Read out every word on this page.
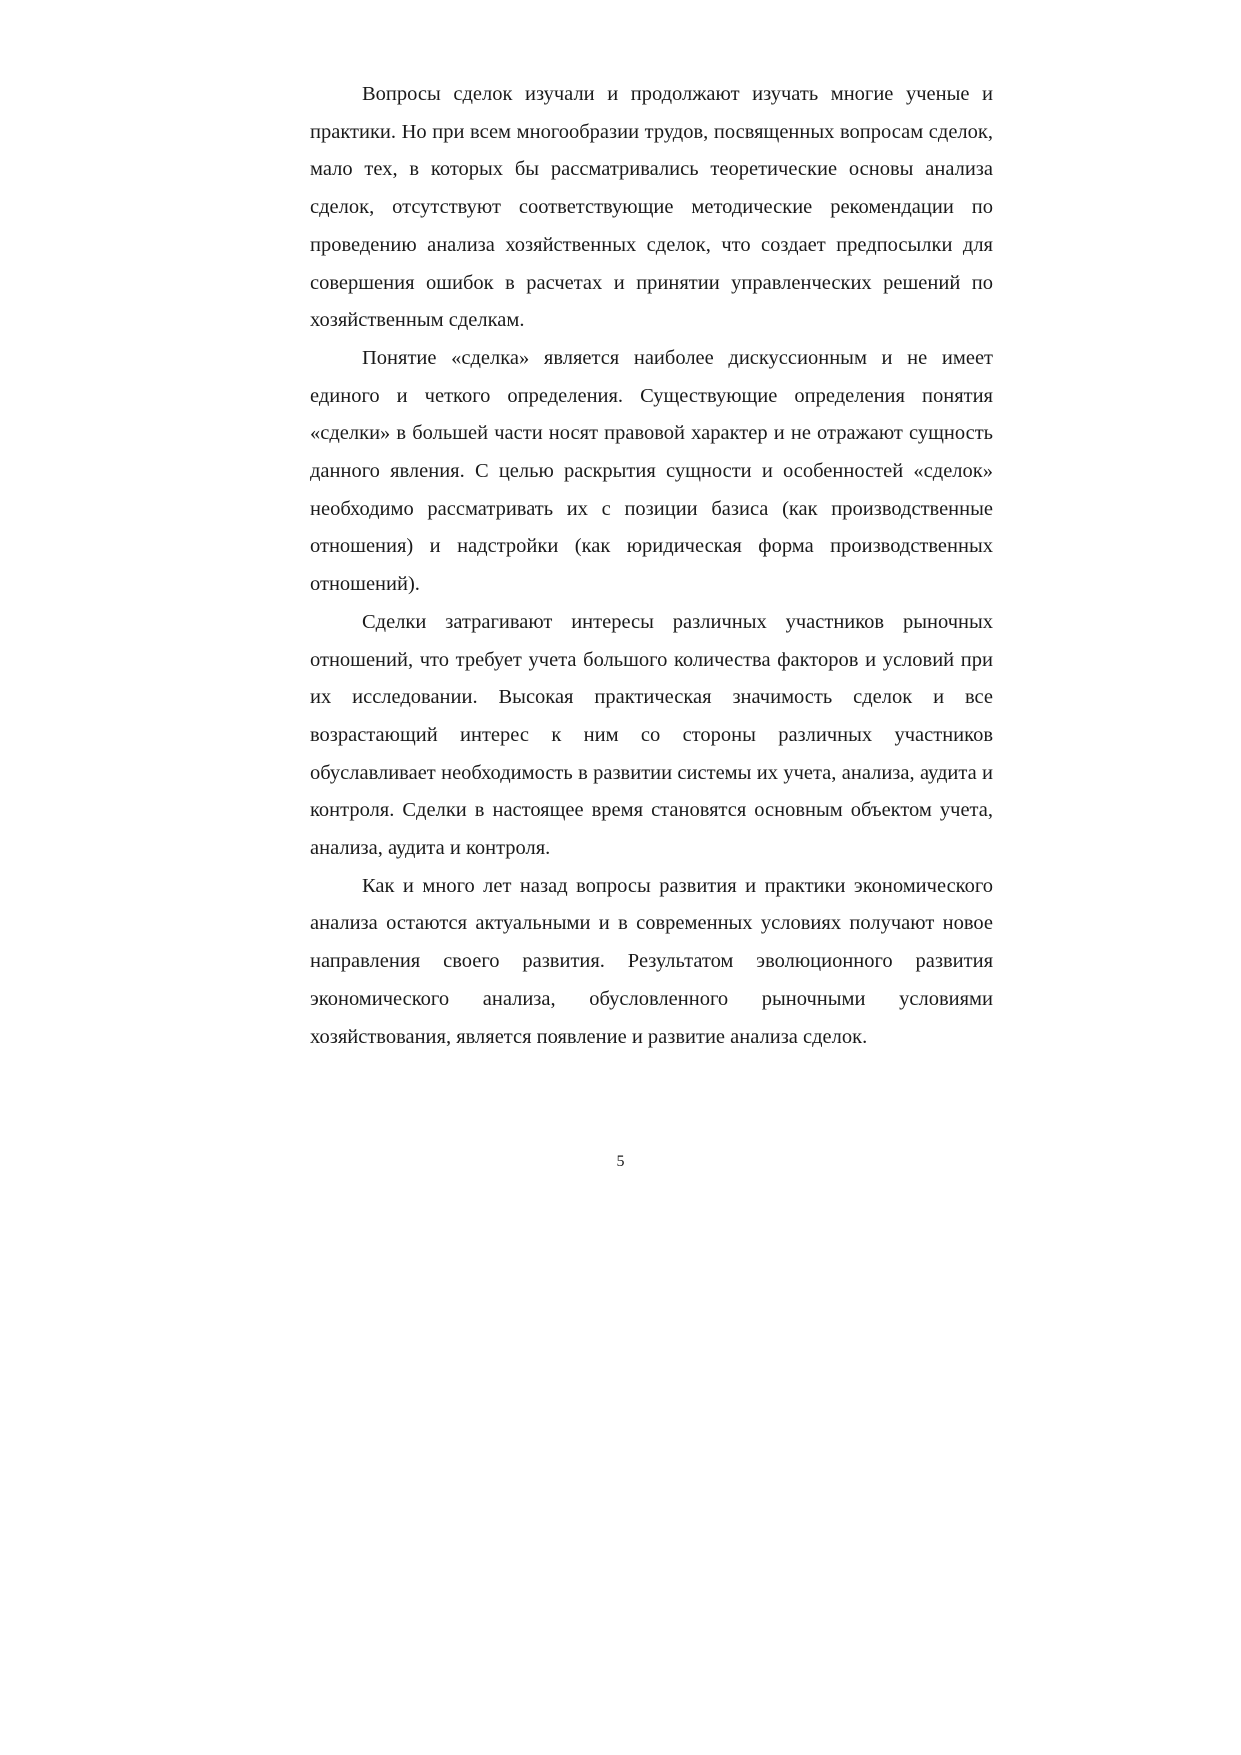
Вопросы сделок изучали и продолжают изучать многие ученые и практики. Но при всем многообразии трудов, посвященных вопросам сделок, мало тех, в которых бы рассматривались теоретические основы анализа сделок, отсутствуют соответствующие методические рекомендации по проведению анализа хозяйственных сделок, что создает предпосылки для совершения ошибок в расчетах и принятии управленческих решений по хозяйственным сделкам.

Понятие «сделка» является наиболее дискуссионным и не имеет единого и четкого определения. Существующие определения понятия «сделки» в большей части носят правовой характер и не отражают сущность данного явления. С целью раскрытия сущности и особенностей «сделок» необходимо рассматривать их с позиции базиса (как производственные отношения) и надстройки (как юридическая форма производственных отношений).

Сделки затрагивают интересы различных участников рыночных отношений, что требует учета большого количества факторов и условий при их исследовании. Высокая практическая значимость сделок и все возрастающий интерес к ним со стороны различных участников обуславливает необходимость в развитии системы их учета, анализа, аудита и контроля. Сделки в настоящее время становятся основным объектом учета, анализа, аудита и контроля.

Как и много лет назад вопросы развития и практики экономического анализа остаются актуальными и в современных условиях получают новое направления своего развития. Результатом эволюционного развития экономического анализа, обусловленного рыночными условиями хозяйствования, является появление и развитие анализа сделок.

5
